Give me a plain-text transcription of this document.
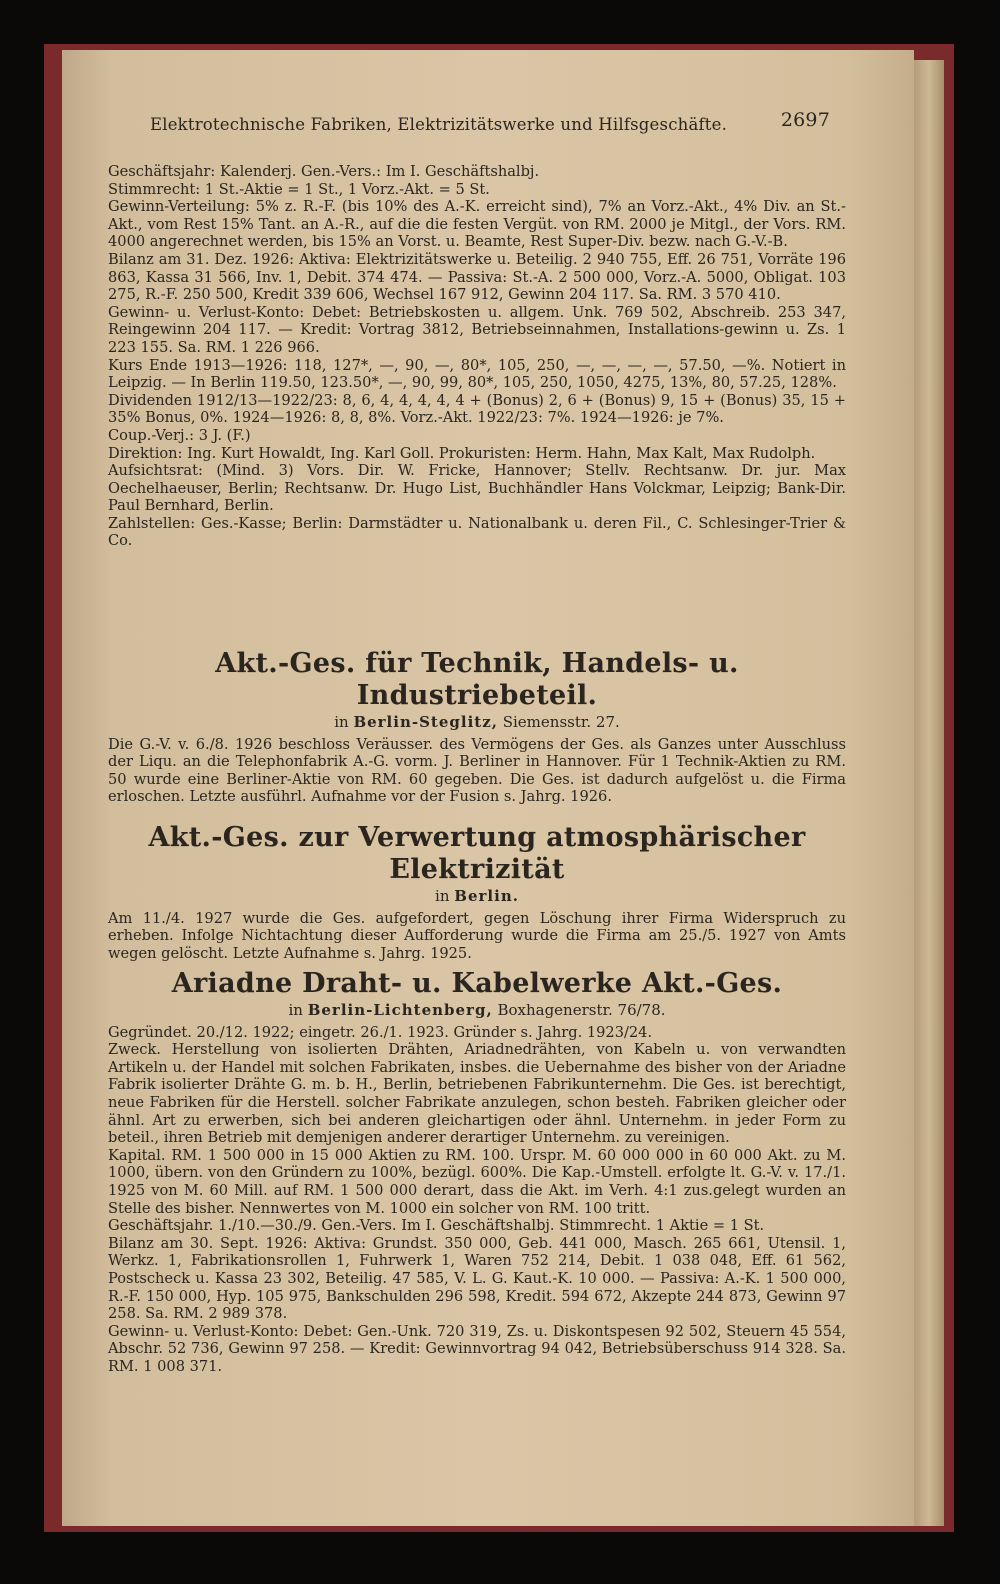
Elektrotechnische Fabriken, Elektrizitätswerke und Hilfsgeschäfte.	2697

Geschäftsjahr: Kalenderj. Gen.-Vers.: Im I. Geschäftshalbj.

Stimmrecht: 1 St.-Aktie = 1 St., 1 Vorz.-Akt. = 5 St.

Gewinn-Verteilung: 5% z. R.-F. (bis 10% des A.-K. erreicht sind), 7% an Vorz.-Akt., 4% Div. an St.-Akt., vom Rest 15% Tant. an A.-R., auf die die festen Vergüt. von RM. 2000 je Mitgl., der Vors. RM. 4000 angerechnet werden, bis 15% an Vorst. u. Beamte, Rest Super-Div. bezw. nach G.-V.-B.

Bilanz am 31. Dez. 1926: Aktiva: Elektrizitätswerke u. Beteilig. 2 940 755, Eff. 26 751, Vorräte 196 863, Kassa 31 566, Inv. 1, Debit. 374 474. — Passiva: St.-A. 2 500 000, Vorz.-A. 5000, Obligat. 103 275, R.-F. 250 500, Kredit 339 606, Wechsel 167 912, Gewinn 204 117. Sa. RM. 3 570 410.

Gewinn- u. Verlust-Konto: Debet: Betriebskosten u. allgem. Unk. 769 502, Abschreib. 253 347, Reingewinn 204 117. — Kredit: Vortrag 3812, Betriebseinnahmen, Installations-gewinn u. Zs. 1 223 155. Sa. RM. 1 226 966.

Kurs Ende 1913—1926: 118, 127*, —, 90, —, 80*, 105, 250, —, —, —, —, 57.50, —%. Notiert in Leipzig. — In Berlin 119.50, 123.50*, —, 90, 99, 80*, 105, 250, 1050, 4275, 13%, 80, 57.25, 128%.

Dividenden 1912/13—1922/23: 8, 6, 4, 4, 4, 4, 4 + (Bonus) 2, 6 + (Bonus) 9, 15 + (Bonus) 35, 15 + 35% Bonus, 0%. 1924—1926: 8, 8, 8%. Vorz.-Akt. 1922/23: 7%. 1924—1926: je 7%.

Coup.-Verj.: 3 J. (F.)

Direktion: Ing. Kurt Howaldt, Ing. Karl Goll. Prokuristen: Herm. Hahn, Max Kalt, Max Rudolph.

Aufsichtsrat: (Mind. 3) Vors. Dir. W. Fricke, Hannover; Stellv. Rechtsanw. Dr. jur. Max Oechelhaeuser, Berlin; Rechtsanw. Dr. Hugo List, Buchhändler Hans Volckmar, Leipzig; Bank-Dir. Paul Bernhard, Berlin.

Zahlstellen: Ges.-Kasse; Berlin: Darmstädter u. Nationalbank u. deren Fil., C. Schlesinger-Trier & Co.

Akt.-Ges. für Technik, Handels- u. Industriebeteil.

in Berlin-Steglitz, Siemensstr. 27.

Die G.-V. v. 6./8. 1926 beschloss Veräusser. des Vermögens der Ges. als Ganzes unter Ausschluss der Liqu. an die Telephonfabrik A.-G. vorm. J. Berliner in Hannover. Für 1 Technik-Aktien zu RM. 50 wurde eine Berliner-Aktie von RM. 60 gegeben. Die Ges. ist dadurch aufgelöst u. die Firma erloschen. Letzte ausführl. Aufnahme vor der Fusion s. Jahrg. 1926.

Akt.-Ges. zur Verwertung atmosphärischer Elektrizität

in Berlin.

Am 11./4. 1927 wurde die Ges. aufgefordert, gegen Löschung ihrer Firma Widerspruch zu erheben. Infolge Nichtachtung dieser Aufforderung wurde die Firma am 25./5. 1927 von Amts wegen gelöscht. Letzte Aufnahme s. Jahrg. 1925.

Ariadne Draht- u. Kabelwerke Akt.-Ges.

in Berlin-Lichtenberg, Boxhagenerstr. 76/78.

Gegründet. 20./12. 1922; eingetr. 26./1. 1923. Gründer s. Jahrg. 1923/24.

Zweck. Herstellung von isolierten Drähten, Ariadnedrähten, von Kabeln u. von verwandten Artikeln u. der Handel mit solchen Fabrikaten, insbes. die Uebernahme des bisher von der Ariadne Fabrik isolierter Drähte G. m. b. H., Berlin, betriebenen Fabrikunternehm. Die Ges. ist berechtigt, neue Fabriken für die Herstell. solcher Fabrikate anzulegen, schon besteh. Fabriken gleicher oder ähnl. Art zu erwerben, sich bei anderen gleichartigen oder ähnl. Unternehm. in jeder Form zu beteil., ihren Betrieb mit demjenigen anderer derartiger Unternehm. zu vereinigen.

Kapital. RM. 1 500 000 in 15 000 Aktien zu RM. 100. Urspr. M. 60 000 000 in 60 000 Akt. zu M. 1000, übern. von den Gründern zu 100%, bezügl. 600%. Die Kap.-Umstell. erfolgte lt. G.-V. v. 17./1. 1925 von M. 60 Mill. auf RM. 1 500 000 derart, dass die Akt. im Verh. 4:1 zus.gelegt wurden an Stelle des bisher. Nennwertes von M. 1000 ein solcher von RM. 100 tritt.

Geschäftsjahr. 1./10.—30./9. Gen.-Vers. Im I. Geschäftshalbj. Stimmrecht. 1 Aktie = 1 St.

Bilanz am 30. Sept. 1926: Aktiva: Grundst. 350 000, Geb. 441 000, Masch. 265 661, Utensil. 1, Werkz. 1, Fabrikationsrollen 1, Fuhrwerk 1, Waren 752 214, Debit. 1 038 048, Eff. 61 562, Postscheck u. Kassa 23 302, Beteilig. 47 585, V. L. G. Kaut.-K. 10 000. — Passiva: A.-K. 1 500 000, R.-F. 150 000, Hyp. 105 975, Bankschulden 296 598, Kredit. 594 672, Akzepte 244 873, Gewinn 97 258. Sa. RM. 2 989 378.

Gewinn- u. Verlust-Konto: Debet: Gen.-Unk. 720 319, Zs. u. Diskontspesen 92 502, Steuern 45 554, Abschr. 52 736, Gewinn 97 258. — Kredit: Gewinnvortrag 94 042, Betriebsüberschuss 914 328. Sa. RM. 1 008 371.
